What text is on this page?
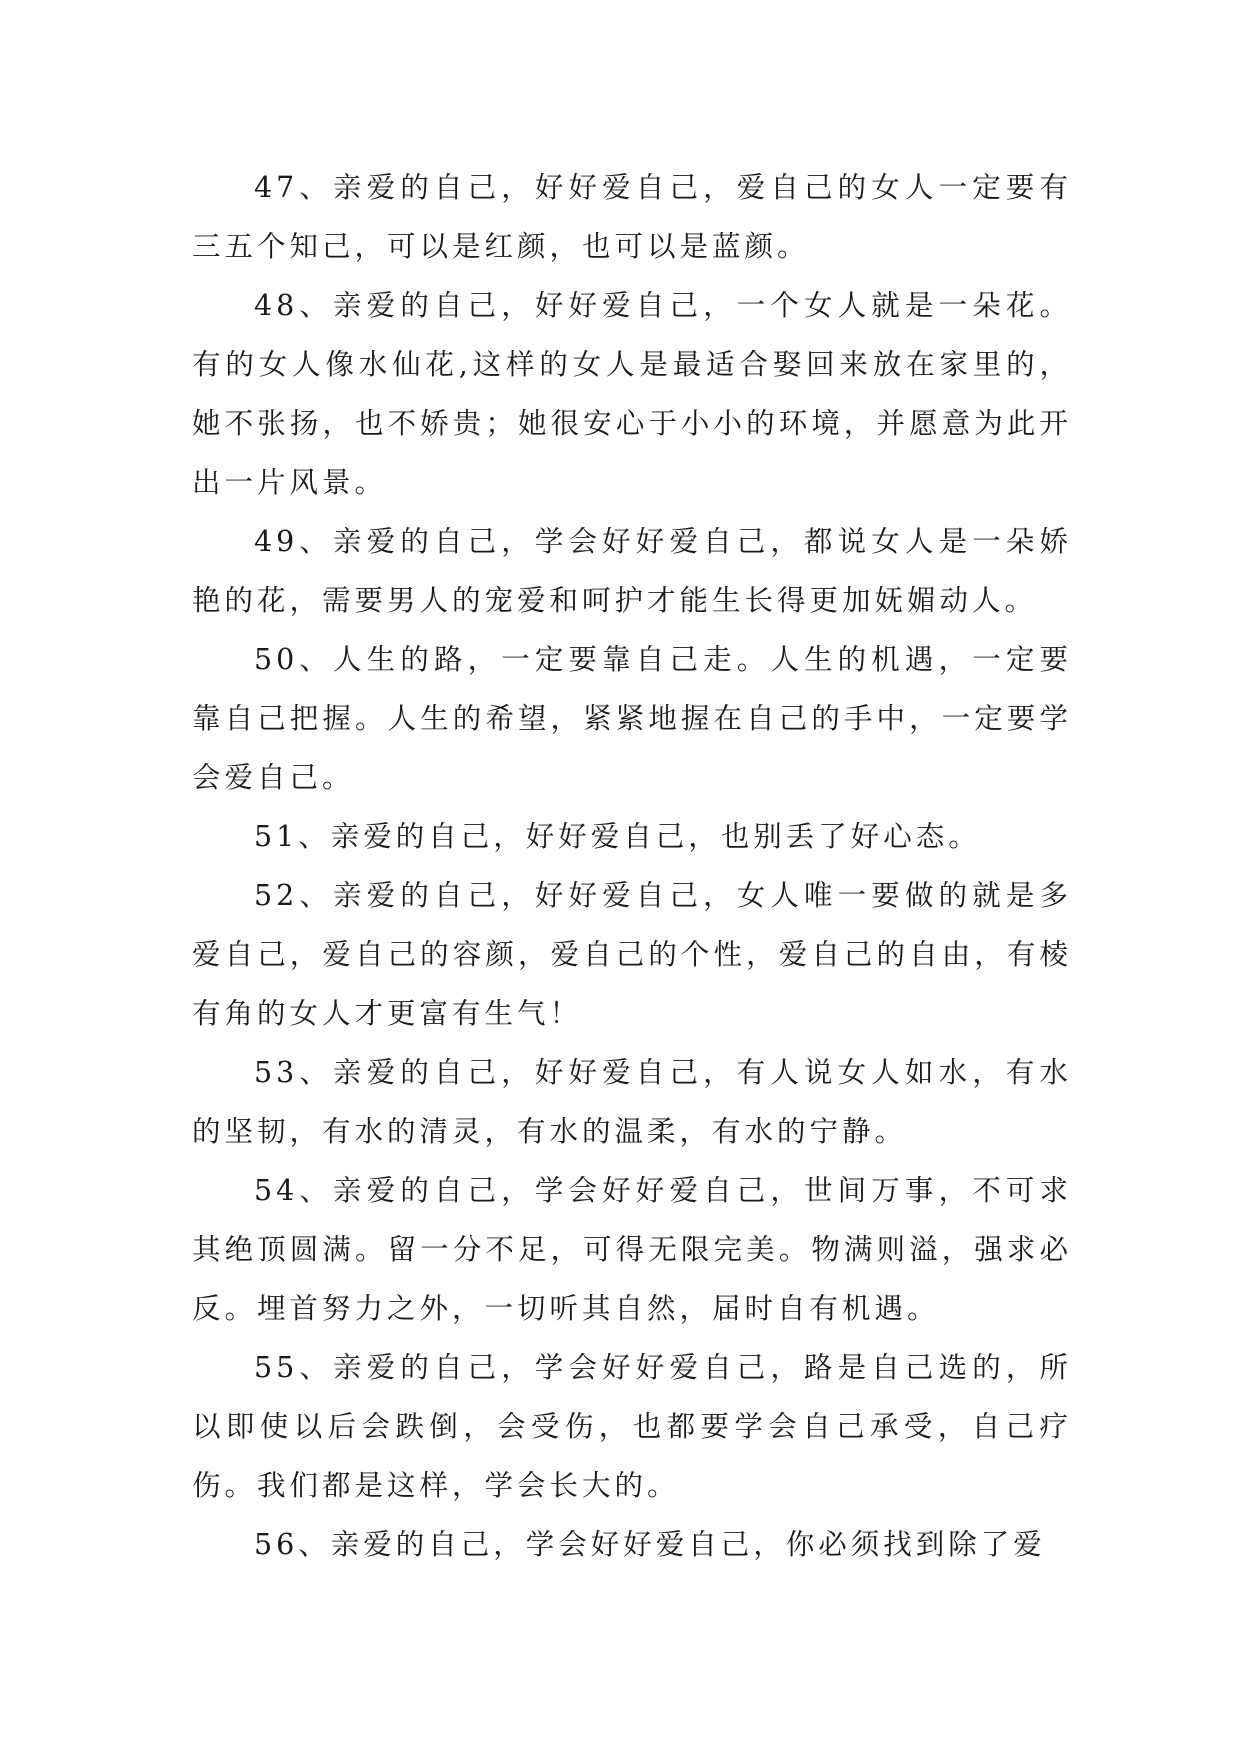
47、亲爱的自己，好好爱自己，爱自己的女人一定要有三五个知己，可以是红颜，也可以是蓝颜。

48、亲爱的自己，好好爱自己，一个女人就是一朵花。有的女人像水仙花,这样的女人是最适合娶回来放在家里的，她不张扬，也不娇贵；她很安心于小小的环境，并愿意为此开出一片风景。

49、亲爱的自己，学会好好爱自己，都说女人是一朵娇艳的花，需要男人的宠爱和呵护才能生长得更加妩媚动人。

50、人生的路，一定要靠自己走。人生的机遇，一定要靠自己把握。人生的希望，紧紧地握在自己的手中，一定要学会爱自己。

51、亲爱的自己，好好爱自己，也别丢了好心态。

52、亲爱的自己，好好爱自己，女人唯一要做的就是多爱自己，爱自己的容颜，爱自己的个性，爱自己的自由，有棱有角的女人才更富有生气！

53、亲爱的自己，好好爱自己，有人说女人如水，有水的坚韧，有水的清灵，有水的温柔，有水的宁静。

54、亲爱的自己，学会好好爱自己，世间万事，不可求其绝顶圆满。留一分不足，可得无限完美。物满则溢，强求必反。埋首努力之外，一切听其自然，届时自有机遇。

55、亲爱的自己，学会好好爱自己，路是自己选的，所以即使以后会跌倒，会受伤，也都要学会自己承受，自己疗伤。我们都是这样，学会长大的。

56、亲爱的自己，学会好好爱自己，你必须找到除了爱
